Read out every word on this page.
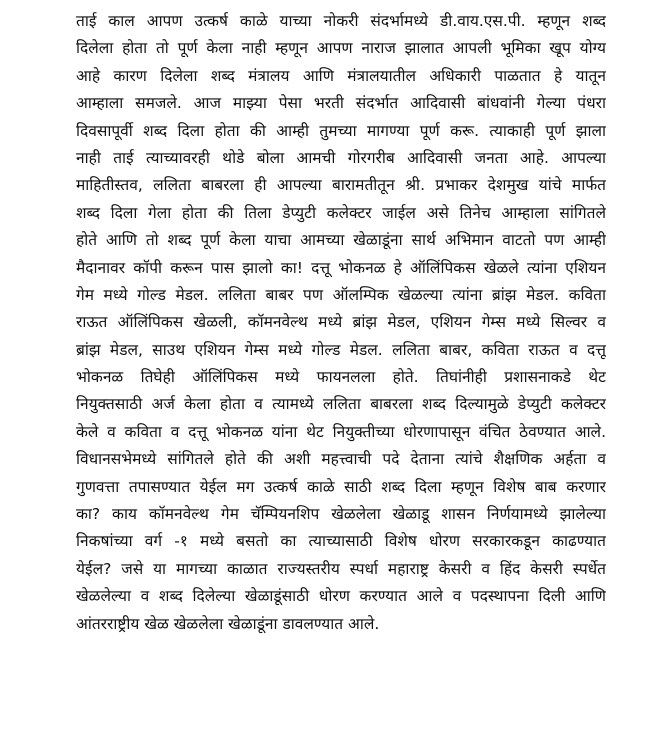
ताई काल आपण उत्कर्ष काळे याच्या नोकरी संदर्भामध्ये डी.वाय.एस.पी. म्हणून शब्द
दिलेला होता तो पूर्ण केला नाही म्हणून आपण नाराज झालात आपली भूमिका खूप योग्य
आहे कारण दिलेला शब्द मंत्रालय आणि मंत्रालयातील अधिकारी पाळतात हे यातून
आम्हाला समजले. आज माझ्या पेसा भरती संदर्भात आदिवासी बांधवांनी गेल्या पंधरा
दिवसापूर्वी शब्द दिला होता की आम्ही तुमच्या मागण्या पूर्ण करू. त्याकाही पूर्ण झाला
नाही ताई त्याच्यावरही थोडे बोला आमची गोरगरीब आदिवासी जनता आहे. आपल्या
माहितीस्तव, ललिता बाबरला ही आपल्या बारामतीतून श्री. प्रभाकर देशमुख यांचे मार्फत
शब्द दिला गेला होता की तिला डेप्युटी कलेक्टर जाईल असे तिनेच आम्हाला सांगितले
होते आणि तो शब्द पूर्ण केला याचा आमच्या खेळाडूंना सार्थ अभिमान वाटतो पण आम्ही
मैदानावर कॉपी करून पास झालो का! दत्तू भोकनळ हे ऑलिंपिकस खेळले त्यांना एशियन
गेम मध्ये गोल्ड मेडल. ललिता बाबर पण ऑलम्पिक खेळल्या त्यांना ब्रांझ मेडल. कविता
राऊत ऑलिंपिकस खेळली, कॉमनवेल्थ मध्ये ब्रांझ मेडल, एशियन गेम्स मध्ये सिल्वर व
ब्रांझ मेडल, साउथ एशियन गेम्स मध्ये गोल्ड मेडल. ललिता बाबर, कविता राऊत व दत्तू
भोकनळ तिघेही ऑलिंपिकस मध्ये फायनलला होते. तिघांनीही प्रशासनाकडे थेट
नियुक्तसाठी अर्ज केला होता व त्यामध्ये ललिता बाबरला शब्द दिल्यामुळे डेप्युटी कलेक्टर
केले व कविता व दत्तू भोकनळ यांना थेट नियुक्तीच्या धोरणापासून वंचित ठेवण्यात आले.
विधानसभेमध्ये सांगितले होते की अशी महत्त्वाची पदे देताना त्यांचे शैक्षणिक अर्हता व
गुणवत्ता तपासण्यात येईल मग उत्कर्ष काळे साठी शब्द दिला म्हणून विशेष बाब करणार
का? काय कॉमनवेल्थ गेम चॅम्पियनशिप खेळलेला खेळाडू शासन निर्णयामध्ये झालेल्या
निकषांच्या वर्ग -१ मध्ये बसतो का त्याच्यासाठी विशेष धोरण सरकारकडून काढण्यात
येईल? जसे या मागच्या काळात राज्यस्तरीय स्पर्धा महाराष्ट्र केसरी व हिंद केसरी स्पर्धेत
खेळलेल्या व शब्द दिलेल्या खेळाडूंसाठी धोरण करण्यात आले व पदस्थापना दिली आणि
आंतरराष्ट्रीय खेळ खेळलेला खेळाडूंना डावलण्यात आले.
